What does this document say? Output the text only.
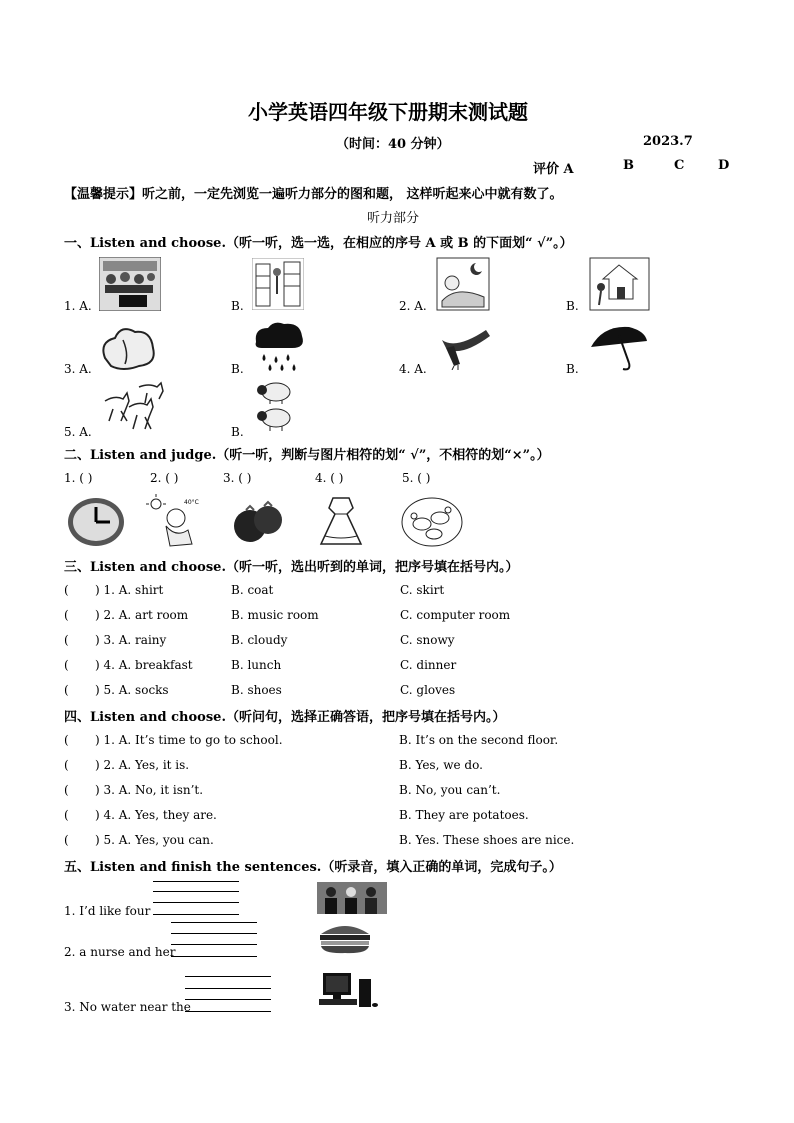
小学英语四年级下册期末测试题
（时间：40 分钟）	2023.7
评价 A	B	C	D
【温馨提示】听之前，一定先浏览一遍听力部分的图和题， 这样听起来心中就有数了。
听力部分
一、Listen and choose.（听一听，选一选，在相应的序号 A 或 B 的下面划“ √”。）
1. A.	B.	2. A.	B.
3. A.	B.	4. A.	B.
5. A.	B.
二、Listen and judge.（听一听，判断与图片相符的划“ √”，不相符的划“×”。）
1. ( )	2. ( )	3. ( )	4. ( )	5. ( )
40°C
三、Listen and choose.（听一听，选出听到的单词，把序号填在括号内。）
( ) 1. A. shirt	B. coat	C. skirt
( ) 2. A. art room	B. music room	C. computer room
( ) 3. A. rainy	B. cloudy	C. snowy
( ) 4. A. breakfast	B. lunch	C. dinner
( ) 5. A. socks	B. shoes	C. gloves
四、Listen and choose.（听问句，选择正确答语，把序号填在括号内。）
( ) 1. A. It’s time to go to school.	B. It’s on the second floor.
( ) 2. A. Yes, it is.	B. Yes, we do.
( ) 3. A. No, it isn’t.	B. No, you can’t.
( ) 4. A. Yes, they are.	B. They are potatoes.
( ) 5. A. Yes, you can.	B. Yes. These shoes are nice.
五、Listen and finish the sentences.（听录音，填入正确的单词，完成句子。）
1. I’d like four
2. a nurse and her
3. No water near the
